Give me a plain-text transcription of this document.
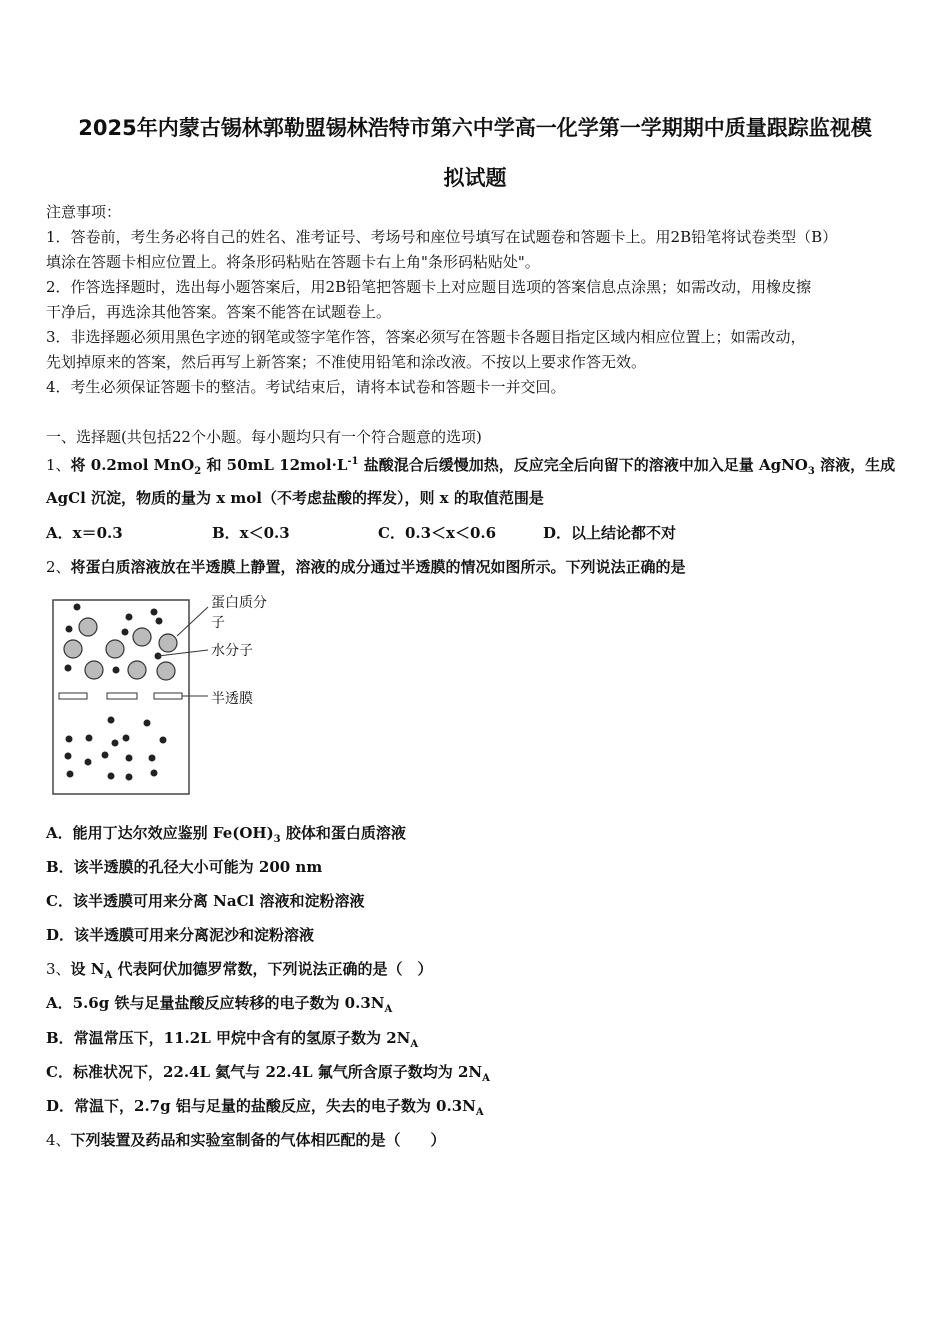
2025年内蒙古锡林郭勒盟锡林浩特市第六中学高一化学第一学期期中质量跟踪监视模
拟试题
注意事项：
1．答卷前，考生务必将自己的姓名、准考证号、考场号和座位号填写在试题卷和答题卡上。用2B铅笔将试卷类型（B）
填涂在答题卡相应位置上。将条形码粘贴在答题卡右上角"条形码粘贴处"。
2．作答选择题时，选出每小题答案后，用2B铅笔把答题卡上对应题目选项的答案信息点涂黑；如需改动，用橡皮擦
干净后，再选涂其他答案。答案不能答在试题卷上。
3．非选择题必须用黑色字迹的钢笔或签字笔作答，答案必须写在答题卡各题目指定区域内相应位置上；如需改动，
先划掉原来的答案，然后再写上新答案；不准使用铅笔和涂改液。不按以上要求作答无效。
4．考生必须保证答题卡的整洁。考试结束后，请将本试卷和答题卡一并交回。
一、选择题(共包括22个小题。每小题均只有一个符合题意的选项)
1、将 0.2mol MnO$_2$ 和 50mL $12mol\cdot L^{-1}$ 盐酸混合后缓慢加热，反应完全后向留下的溶液中加入足量 AgNO$_3$ 溶液，生成
AgCl 沉淀，物质的量为 x mol（不考虑盐酸的挥发），则 x 的取值范围是
A．x＝0.3	B．x＜0.3	C．0.3＜x＜0.6	D．以上结论都不对
2、将蛋白质溶液放在半透膜上静置，溶液的成分通过半透膜的情况如图所示。下列说法正确的是
蛋白质分子
水分子
半透膜
A．能用丁达尔效应鉴别 $Fe(OH)_3$ 胶体和蛋白质溶液
B．该半透膜的孔径大小可能为 200 nm
C．该半透膜可用来分离 NaCl 溶液和淀粉溶液
D．该半透膜可用来分离泥沙和淀粉溶液
3、设 $N_A$ 代表阿伏加德罗常数，下列说法正确的是（　）
A．5.6g 铁与足量盐酸反应转移的电子数为 $0.3N_A$
B．常温常压下，11.2L 甲烷中含有的氢原子数为 $2N_A$
C．标准状况下，22.4L 氦气与 22.4L 氟气所含原子数均为 $2N_A$
D．常温下，2.7g 铝与足量的盐酸反应，失去的电子数为 $0.3N_A$
4、下列装置及药品和实验室制备的气体相匹配的是（　　）
